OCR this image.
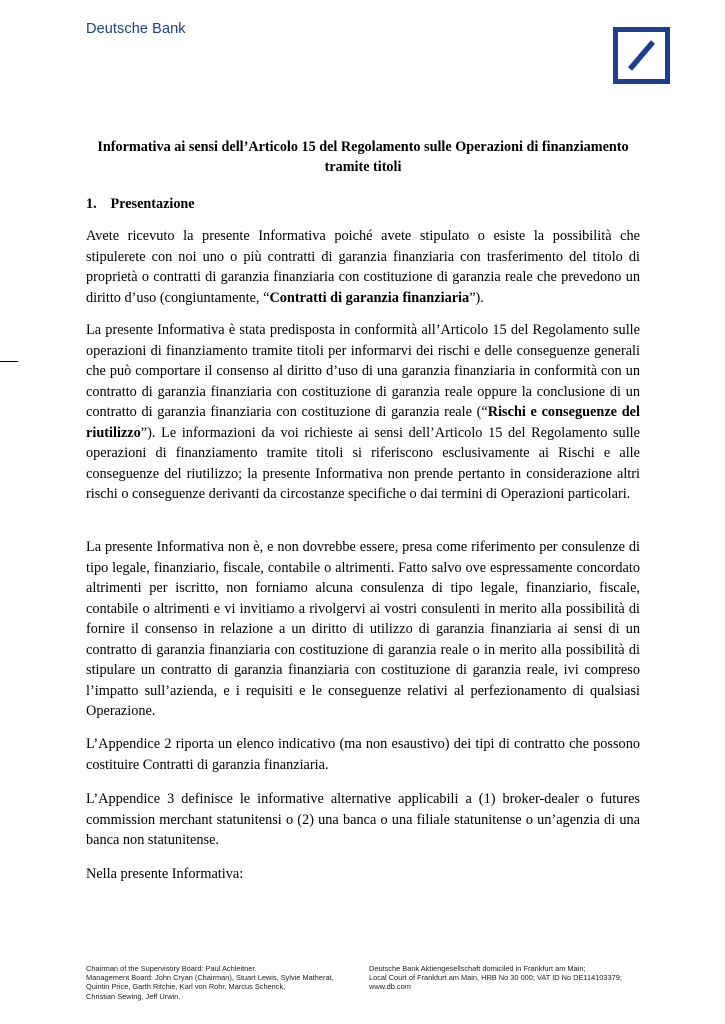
Deutsche Bank
Informativa ai sensi dell’Articolo 15 del Regolamento sulle Operazioni di finanziamento
tramite titoli
1. Presentazione

Avete ricevuto la presente Informativa poiché avete stipulato o esiste la possibilità che stipulerete con noi uno o più contratti di garanzia finanziaria con trasferimento del titolo di proprietà o contratti di garanzia finanziaria con costituzione di garanzia reale che prevedono un diritto d’uso (congiuntamente, “Contratti di garanzia finanziaria”).

La presente Informativa è stata predisposta in conformità all’Articolo 15 del Regolamento sulle operazioni di finanziamento tramite titoli per informarvi dei rischi e delle conseguenze generali che può comportare il consenso al diritto d’uso di una garanzia finanziaria in conformità con un contratto di garanzia finanziaria con costituzione di garanzia reale oppure la conclusione di un contratto di garanzia finanziaria con costituzione di garanzia reale (“Rischi e conseguenze del riutilizzo”). Le informazioni da voi richieste ai sensi dell’Articolo 15 del Regolamento sulle operazioni di finanziamento tramite titoli si riferiscono esclusivamente ai Rischi e alle conseguenze del riutilizzo; la presente Informativa non prende pertanto in considerazione altri rischi o conseguenze derivanti da circostanze specifiche o dai termini di Operazioni particolari.

La presente Informativa non è, e non dovrebbe essere, presa come riferimento per consulenze di tipo legale, finanziario, fiscale, contabile o altrimenti. Fatto salvo ove espressamente concordato altrimenti per iscritto, non forniamo alcuna consulenza di tipo legale, finanziario, fiscale, contabile o altrimenti e vi invitiamo a rivolgervi ai vostri consulenti in merito alla possibilità di fornire il consenso in relazione a un diritto di utilizzo di garanzia finanziaria ai sensi di un contratto di garanzia finanziaria con costituzione di garanzia reale o in merito alla possibilità di stipulare un contratto di garanzia finanziaria con costituzione di garanzia reale, ivi compreso l’impatto sull’azienda, e i requisiti e le conseguenze relativi al perfezionamento di qualsiasi Operazione.

L’Appendice 2 riporta un elenco indicativo (ma non esaustivo) dei tipi di contratto che possono costituire Contratti di garanzia finanziaria.

L’Appendice 3 definisce le informative alternative applicabili a (1) broker-dealer o futures commission merchant statunitensi o (2) una banca o una filiale statunitense o un’agenzia di una banca non statunitense.

Nella presente Informativa:

Chairman of the Supervisory Board: Paul Achleitner.
Management Board: John Cryan (Chairman), Stuart Lewis, Sylvie Matherat,
Quintin Price, Garth Ritchie, Karl von Rohr, Marcus Schenck,
Christian Sewing, Jeff Urwin.
Deutsche Bank Aktiengesellschaft domiciled in Frankfurt am Main;
Local Court of Frankfurt am Main, HRB No 30 000; VAT ID No DE114103379;
www.db.com
